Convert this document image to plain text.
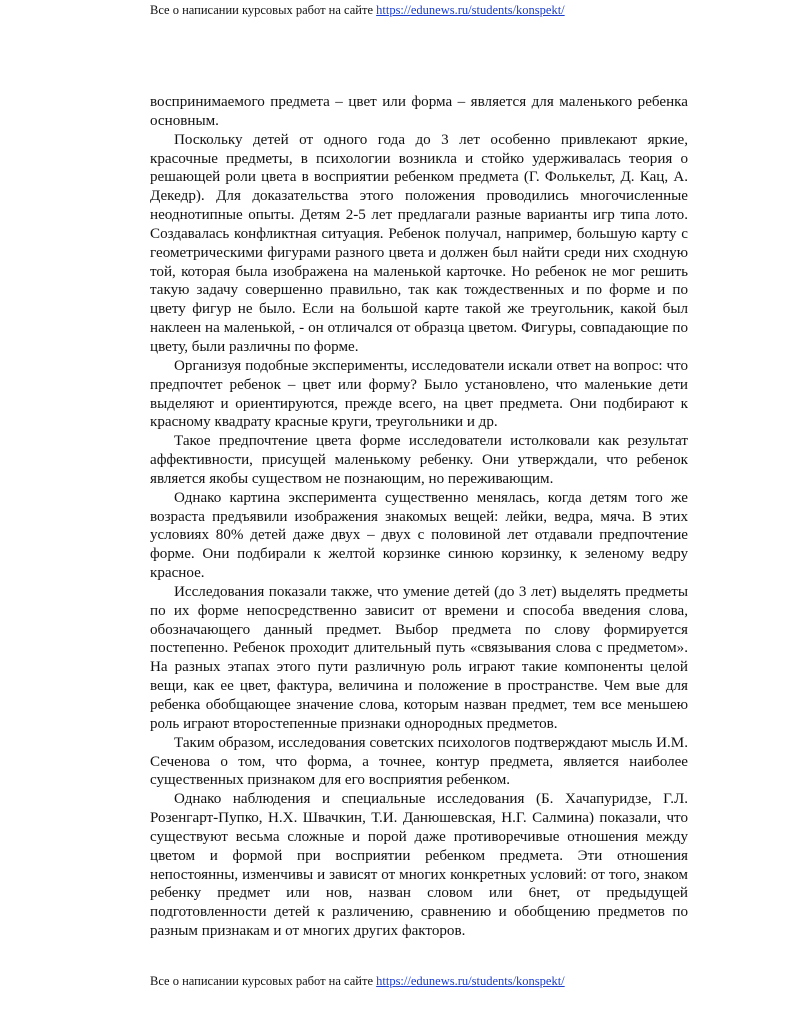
Все о написании курсовых работ на сайте https://edunews.ru/students/konspekt/

воспринимаемого предмета – цвет или форма – является для маленького ребенка основным.

Поскольку детей от одного года до 3 лет особенно привлекают яркие, красочные предметы, в психологии возникла и стойко удерживалась теория о решающей роли цвета в восприятии ребенком предмета (Г. Фолькельт, Д. Кац, А. Декедр). Для доказательства этого положения проводились многочисленные неоднотипные опыты. Детям 2-5 лет предлагали разные варианты игр типа лото. Создавалась конфликтная ситуация. Ребенок получал, например, большую карту с геометрическими фигурами разного цвета и должен был найти среди них сходную той, которая была изображена на маленькой карточке. Но ребенок не мог решить такую задачу совершенно правильно, так как тождественных и по форме и по цвету фигур не было. Если на большой карте такой же треугольник, какой был наклеен на маленькой, - он отличался от образца цветом. Фигуры, совпадающие по цвету, были различны по форме.

Организуя подобные эксперименты, исследователи искали ответ на вопрос: что предпочтет ребенок – цвет или форму? Было установлено, что маленькие дети выделяют и ориентируются, прежде всего, на цвет предмета. Они подбирают к красному квадрату красные круги, треугольники и др.

Такое предпочтение цвета форме исследователи истолковали как результат аффективности, присущей маленькому ребенку. Они утверждали, что ребенок является якобы существом не познающим, но переживающим.

Однако картина эксперимента существенно менялась, когда детям того же возраста предъявили изображения знакомых вещей: лейки, ведра, мяча. В этих условиях 80% детей даже двух – двух с половиной лет отдавали предпочтение форме. Они подбирали к желтой корзинке синюю корзинку, к зеленому ведру красное.

Исследования показали также, что умение детей (до 3 лет) выделять предметы по их форме непосредственно зависит от времени и способа введения слова, обозначающего данный предмет. Выбор предмета по слову формируется постепенно. Ребенок проходит длительный путь «связывания слова с предметом». На разных этапах этого пути различную роль играют такие компоненты целой вещи, как ее цвет, фактура, величина и положение в пространстве. Чем вые для ребенка обобщающее значение слова, которым назван предмет, тем все меньшею роль играют второстепенные признаки однородных предметов.

Таким образом, исследования советских психологов подтверждают мысль И.М. Сеченова о том, что форма, а точнее, контур предмета, является наиболее существенных признаком для его восприятия ребенком.

Однако наблюдения и специальные исследования (Б. Хачапуридзе, Г.Л. Розенгарт-Пупко, Н.Х. Швачкин, Т.И. Данюшевская, Н.Г. Салмина) показали, что существуют весьма сложные и порой даже противоречивые отношения между цветом и формой при восприятии ребенком предмета. Эти отношения непостоянны, изменчивы и зависят от многих конкретных условий: от того, знаком ребенку предмет или нов, назван словом или 6нет, от предыдущей подготовленности детей к различению, сравнению и обобщению предметов по разным признакам и от многих других факторов.

Все о написании курсовых работ на сайте https://edunews.ru/students/konspekt/
